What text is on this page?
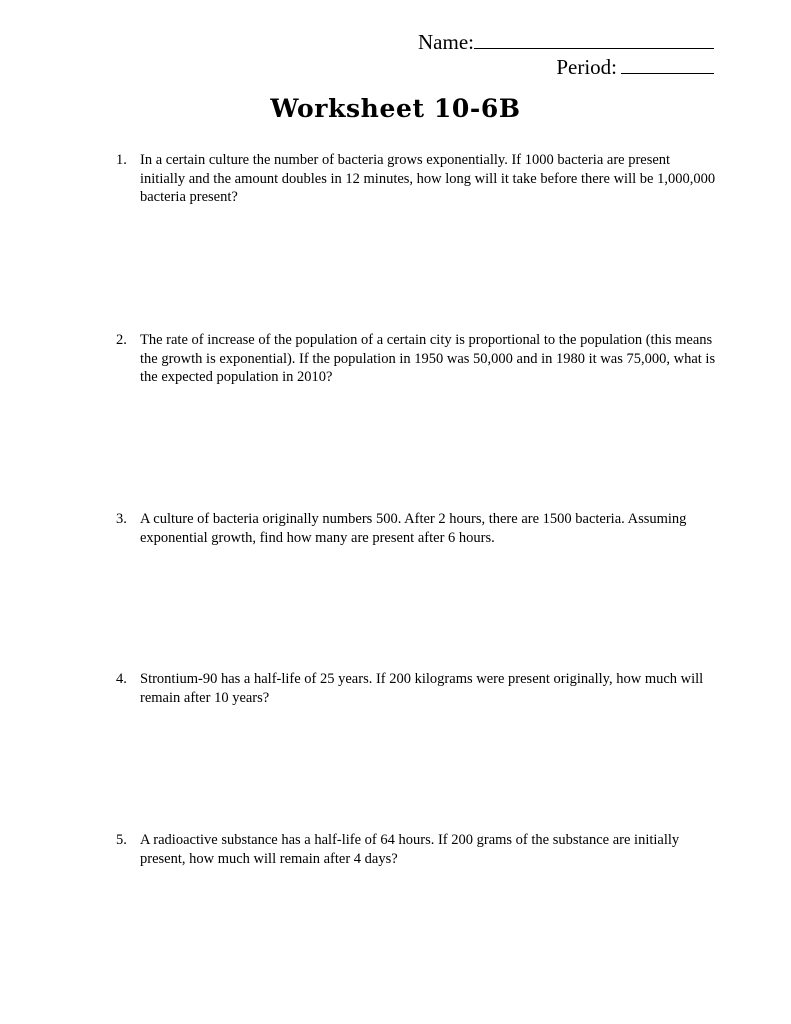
Name:
Period:
Worksheet 10-6B
1. In a certain culture the number of bacteria grows exponentially. If 1000 bacteria are present initially and the amount doubles in 12 minutes, how long will it take before there will be 1,000,000 bacteria present?
2. The rate of increase of the population of a certain city is proportional to the population (this means the growth is exponential). If the population in 1950 was 50,000 and in 1980 it was 75,000, what is the expected population in 2010?
3. A culture of bacteria originally numbers 500. After 2 hours, there are 1500 bacteria. Assuming exponential growth, find how many are present after 6 hours.
4. Strontium-90 has a half-life of 25 years. If 200 kilograms were present originally, how much will remain after 10 years?
5. A radioactive substance has a half-life of 64 hours. If 200 grams of the substance are initially present, how much will remain after 4 days?
